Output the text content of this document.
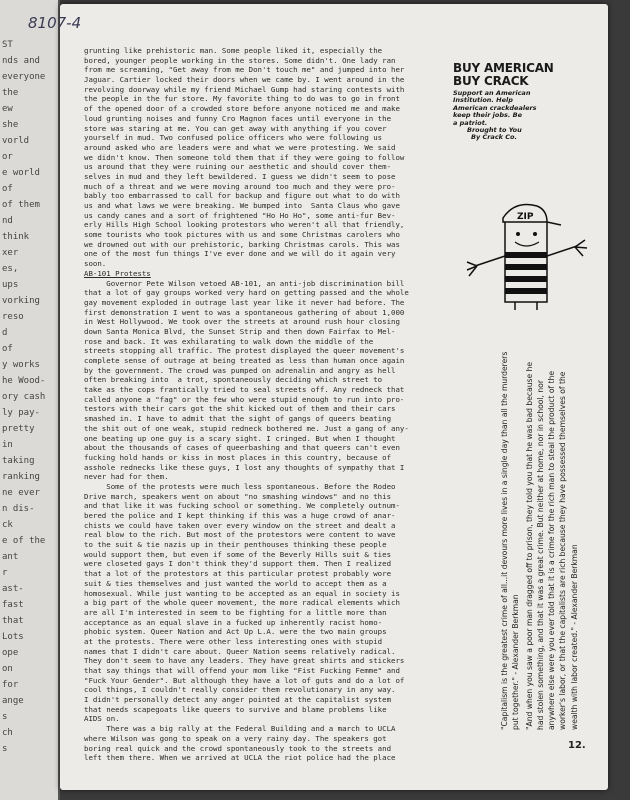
ST
nds and
everyone
the
ew
she
vorld
or
e world
of
of them
nd
think
xer
es,
ups
vorking
reso
d
of
y works
he Wood-
ory cash
ly pay-
pretty
in
taking
ranking
ne ever
n dis-
ck
e of the
ant
r
ast-
fast
that
Lots
ope
on
for
ange
s
ch
s
8107-4
grunting like prehistoric man. Some people liked it, especially the
bored, younger people working in the stores. Some didn't. One lady ran
from me screaming, "Get away from me Don't touch me" and jumped into her
Jaguar. Cartier locked their doors when we came by. I went around in the
revolving doorway while my friend Michael Gump had staring contests with
the people in the fur store. My favorite thing to do was to go in front
of the opened door of a crowded store before anyone noticed me and make
loud grunting noises and funny Cro Magnon faces until everyone in the
store was staring at me. You can get away with anything if you cover
yourself in mud. Two confused police officers who were following us
around asked who are leaders were and what we were protesting. We said
we didn't know. Then someone told them that if they were going to follow
us around that they were ruining our aesthetic and should cover them-
selves in mud and they left bewildered. I guess we didn't seem to pose
much of a threat and we were moving around too much and they were pro-
bably too embarrassed to call for backup and figure out what to do with
us and what laws we were breaking. We bumped into  Santa Claus who gave
us candy canes and a sort of frightened "Ho Ho Ho", some anti-fur Bev-
erly Hills High School looking protestors who weren't all that friendly,
some tourists who took pictures with us and some Christmas carolers who
we drowned out with our prehistoric, barking Christmas carols. This was
one of the most fun things I've ever done and we will do it again very
soon.
AB-101 Protests
Governor Pete Wilson vetoed AB-101, an anti-job discrimination bill
that a lot of gay groups worked very hard on getting passed and the whole
gay movement exploded in outrage last year like it never had before. The
first demonstration I went to was a spontaneous gathering of about 1,000
in West Hollywood. We took over the streets at around rush hour closing
down Santa Monica Blvd, the Sunset Strip and then down Fairfax to Mel-
rose and back. It was exhilarating to walk down the middle of the
streets stopping all traffic. The protest displayed the queer movement's
complete sense of outrage at being treated as less than human once again
by the government. The crowd was pumped on adrenalin and angry as hell
often breaking into  a trot, spontaneously deciding which street to
take as the cops frantically tried to seal streets off. Any redneck that
called anyone a "fag" or the few who were stupid enough to run into pro-
testors with their cars got the shit kicked out of them and their cars
smashed in. I have to admit that the sight of gangs of queers beating
the shit out of one weak, stupid redneck bothered me. Just a gang of any-
one beating up one guy is a scary sight. I cringed. But when I thought
about the thousands of cases of queerbashing and that queers can't even
fucking hold hands or kiss in most places in this country, because of
asshole rednecks like these guys, I lost any thoughts of sympathy that I
never had for them.
Some of the protests were much less spontaneous. Before the Rodeo
Drive march, speakers went on about "no smashing windows" and no this
and that like it was fucking school or something. We completely outnum-
bered the police and I kept thinking if this was a huge crowd of anar-
chists we could have taken over every window on the street and dealt a
real blow to the rich. But most of the protestors were content to wave
to the suit & tie nazis up in their penthouses thinking these people
would support them, but even if some of the Beverly Hills suit & ties
were closeted gays I don't think they'd support them. Then I realized
that a lot of the protestors at this particular protest probably wore
suit & ties themselves and just wanted the world to accept them as a
homosexual. While just wanting to be accepted as an equal in society is
a big part of the whole queer movement, the more radical elements which
are all I'm interested in seem to be fighting for a little more than
acceptance as an equal slave in a fucked up inherently racist homo-
phobic system. Queer Nation and Act Up L.A. were the two main groups
at the protests. There were other less interesting ones with stupid
names that I didn't care about. Queer Nation seems relatively radical.
They don't seem to have any leaders. They have great shirts and stickers
that say things that will offend your mom like "Fist Fucking Femme" and
"Fuck Your Gender". But although they have a lot of guts and do a lot of
cool things, I couldn't really consider them revolutionary in any way.
I didn't personally detect any anger pointed at the capitalist system
that needs scapegoats like queers to survive and blame problems like
AIDS on.
There was a big rally at the Federal Building and a march to UCLA
where Wilson was gong to speak on a very rainy day. The speakers got
boring real quick and the crowd spontaneously took to the streets and
left them there. When we arrived at UCLA the riot police had the place
BUY AMERICAN
BUY CRACK
Support an American
Institution. Help
American crackdealers
keep their jobs. Be
a patriot.
Brought to You
By Crack Co.
ZIP

"Capitalism is the greatest crime of all...it devours more lives in a single day than all the murderers put together." - Alexander Berkman "And when you saw a poor man dragged off to prison, they told you that he was bad because he had stolen something, and that it was a great crime. But neither at home, nor in school, nor anywhere else were you ever told that it is a crime for the rich man to steal the product of the worker's labor, or that the capitalists are rich because they have possessed themselves of the wealth with labor created." - Alexander Berkman

12.
